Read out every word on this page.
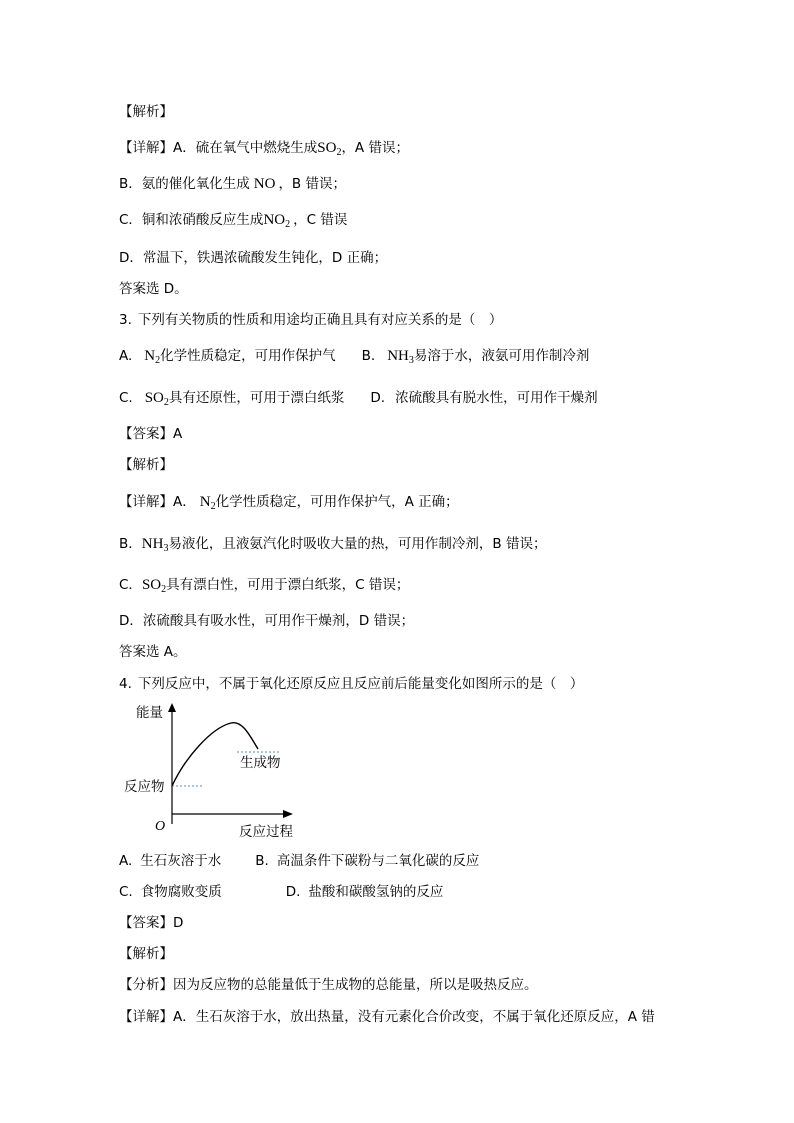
【解析】
【详解】A．硫在氧气中燃烧生成$SO_2$，A 错误；
B．氨的催化氧化生成 NO ，B 错误；
C．铜和浓硝酸反应生成$NO_2$ ，C 错误
D．常温下，铁遇浓硫酸发生钝化，D 正确；
答案选 D。
3. 下列有关物质的性质和用途均正确且具有对应关系的是（　）
A. $N_2$化学性质稳定，可用作保护气 B. $NH_3$易溶于水，液氨可用作制冷剂
C. $SO_2$具有还原性，可用于漂白纸浆 D. 浓硫酸具有脱水性，可用作干燥剂
【答案】A
【解析】
【详解】A． $N_2$化学性质稳定，可用作保护气，A 正确；
B．$NH_3$易液化，且液氨汽化时吸收大量的热，可用作制冷剂，B 错误；
C．$SO_2$具有漂白性，可用于漂白纸浆，C 错误；
D．浓硫酸具有吸水性，可用作干燥剂，D 错误；
答案选 A。
4. 下列反应中，不属于氧化还原反应且反应前后能量变化如图所示的是（　）
能量
反应过程
O
反应物
生成物
A. 生石灰溶于水	B. 高温条件下碳粉与二氧化碳的反应
C. 食物腐败变质	D. 盐酸和碳酸氢钠的反应
【答案】D
【解析】
【分析】因为反应物的总能量低于生成物的总能量，所以是吸热反应。
【详解】A．生石灰溶于水，放出热量，没有元素化合价改变，不属于氧化还原反应，A 错
